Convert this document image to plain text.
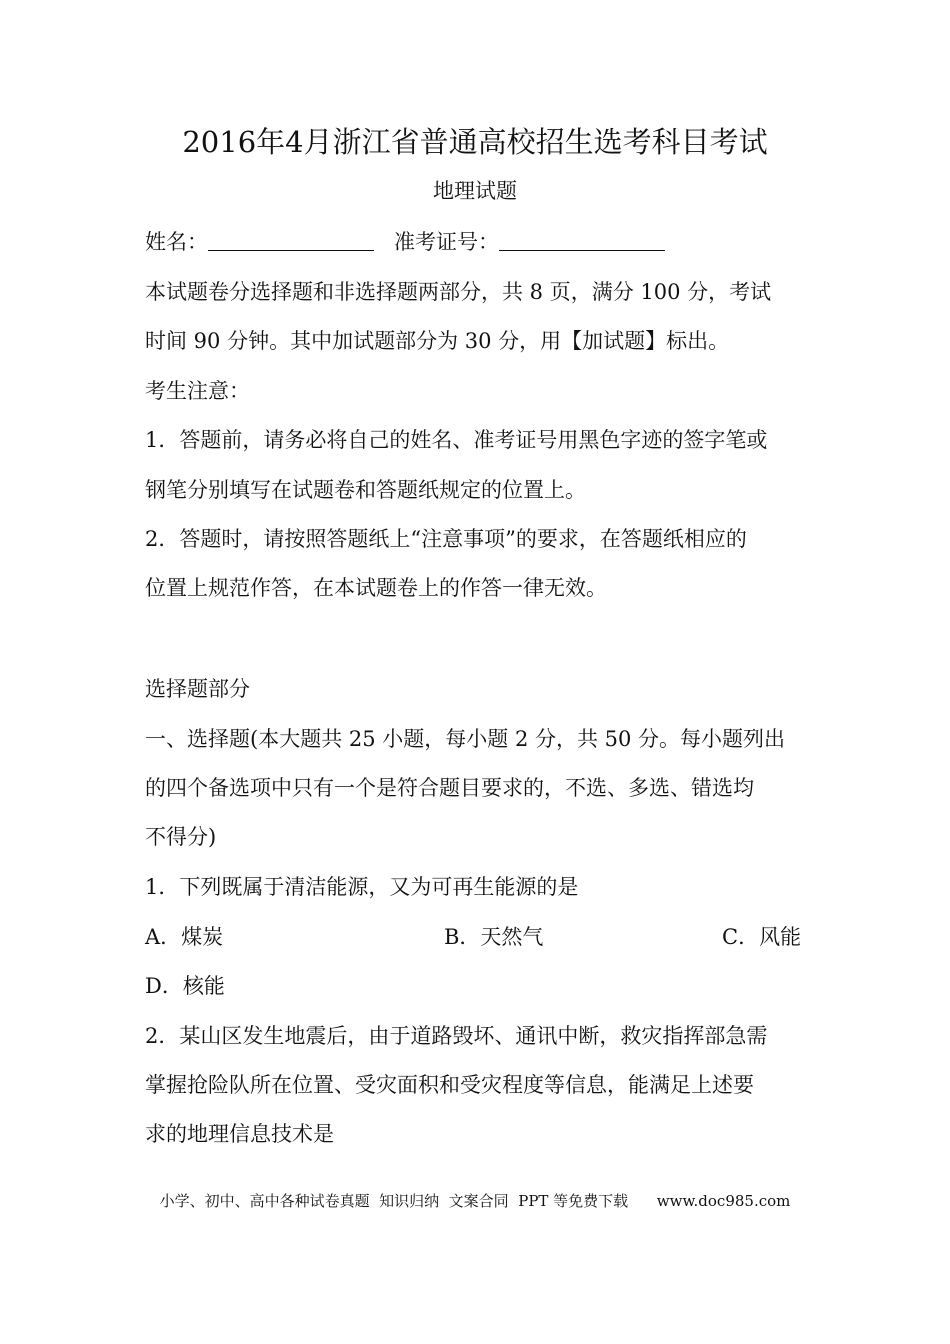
2016年4月浙江省普通高校招生选考科目考试
地理试题
姓名：	准考证号：
本试题卷分选择题和非选择题两部分，共 8 页，满分 100 分，考试
时间 90 分钟。其中加试题部分为 30 分，用【加试题】标出。
考生注意：
1．答题前，请务必将自己的姓名、准考证号用黑色字迹的签字笔或
钢笔分别填写在试题卷和答题纸规定的位置上。
2．答题时，请按照答题纸上“注意事项”的要求，在答题纸相应的
位置上规范作答，在本试题卷上的作答一律无效。
选择题部分
一、选择题(本大题共 25 小题，每小题 2 分，共 50 分。每小题列出
的四个备选项中只有一个是符合题目要求的，不选、多选、错选均
不得分)
1．下列既属于清洁能源，又为可再生能源的是
A．煤炭	B．天然气	C．风能
D．核能
2．某山区发生地震后，由于道路毁坏、通讯中断，救灾指挥部急需
掌握抢险队所在位置、受灾面积和受灾程度等信息，能满足上述要
求的地理信息技术是
小学、初中、高中各种试卷真题  知识归纳  文案合同  PPT 等免费下载      www.doc985.com
